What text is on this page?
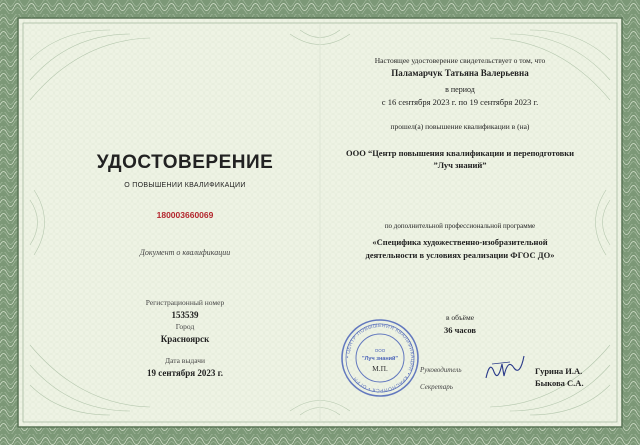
УДОСТОВЕРЕНИЕ
О ПОВЫШЕНИИ КВАЛИФИКАЦИИ
180003660069
Документ о квалификации
Регистрационный номер
153539
Город
Красноярск
Дата выдачи
19 сентября 2023 г.
Настоящее удостоверение свидетельствует о том, что
Паламарчук Татьяна Валерьевна
в период
с 16 сентября 2023 г. по 19 сентября 2023 г.
прошел(а) повышение квалификации в (на)
ООО “Центр повышения квалификации и переподготовки
”Луч знаний”
по дополнительной профессиональной программе
«Специфика художественно-изобразительной
деятельности в условиях реализации ФГОС ДО»
в объёме
36 часов
• ЦЕНТР ПОВЫШЕНИЯ КВАЛИФИКАЦИИ • КРАСНОЯРСК • ОГРН
ООО
"Луч знаний"
М.П.	Руководитель
Секретарь
Гурина И.А.
Быкова С.А.
